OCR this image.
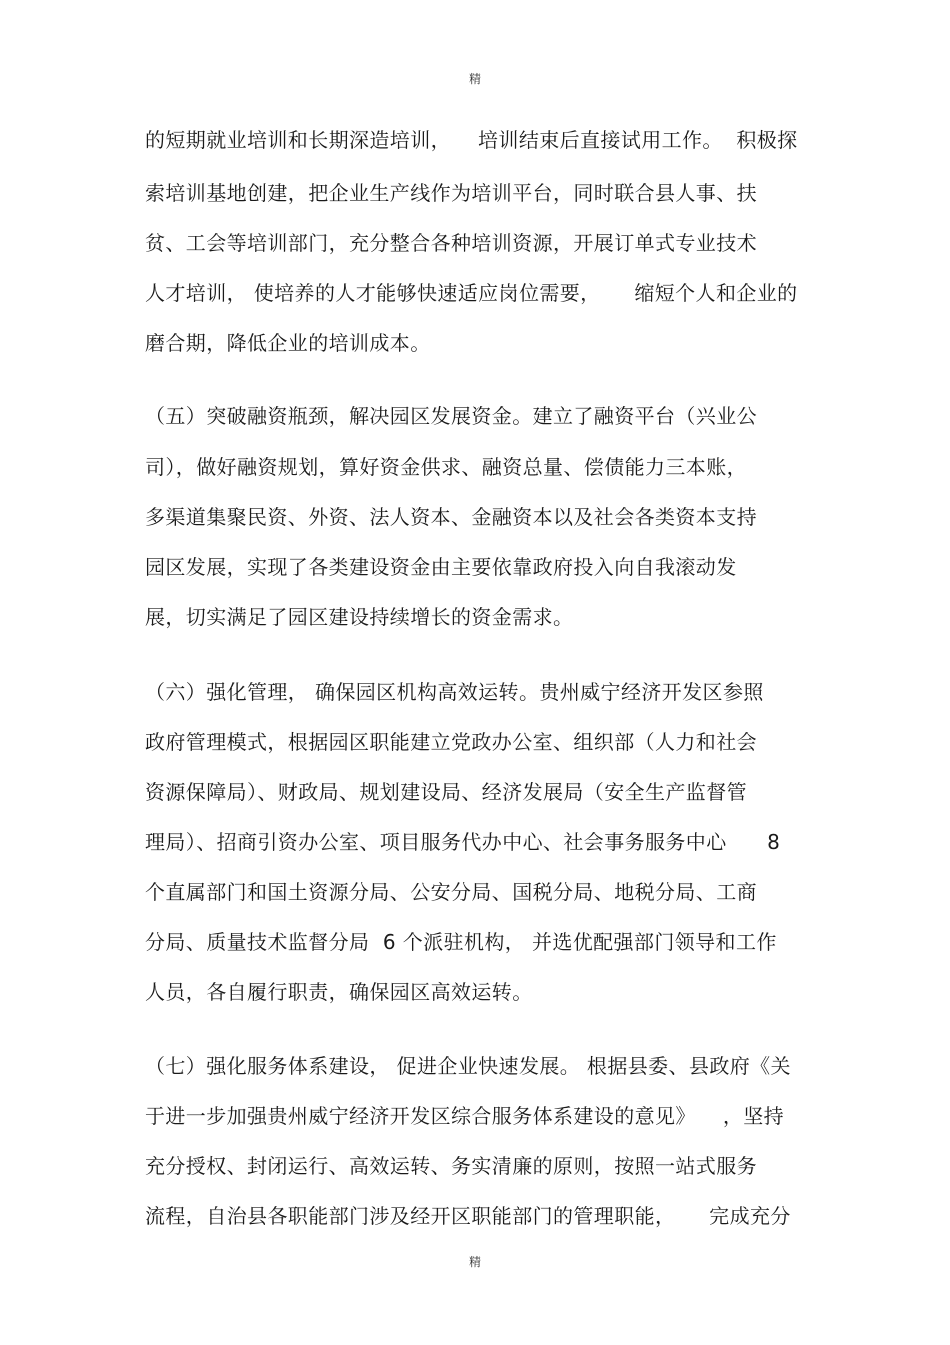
精
的短期就业培训和长期深造培训，    培训结束后直接试用工作。  积极探
索培训基地创建，把企业生产线作为培训平台，同时联合县人事、扶
贫、工会等培训部门，充分整合各种培训资源，开展订单式专业技术
人才培训， 使培养的人才能够快速适应岗位需要，     缩短个人和企业的
磨合期，降低企业的培训成本。
（五）突破融资瓶颈，解决园区发展资金。建立了融资平台（兴业公
司），做好融资规划，算好资金供求、融资总量、偿债能力三本账，
多渠道集聚民资、外资、法人资本、金融资本以及社会各类资本支持
园区发展，实现了各类建设资金由主要依靠政府投入向自我滚动发
展，切实满足了园区建设持续增长的资金需求。
（六）强化管理， 确保园区机构高效运转。贵州威宁经济开发区参照
政府管理模式，根据园区职能建立党政办公室、组织部（人力和社会
资源保障局）、财政局、规划建设局、经济发展局（安全生产监督管
理局）、招商引资办公室、项目服务代办中心、社会事务服务中心      8
个直属部门和国土资源分局、公安分局、国税分局、地税分局、工商
分局、质量技术监督分局  6 个派驻机构， 并选优配强部门领导和工作
人员，各自履行职责，确保园区高效运转。
（七）强化服务体系建设， 促进企业快速发展。 根据县委、县政府《关
于进一步加强贵州威宁经济开发区综合服务体系建设的意见》    ，坚持
充分授权、封闭运行、高效运转、务实清廉的原则，按照一站式服务
流程，自治县各职能部门涉及经开区职能部门的管理职能，     完成充分
精
